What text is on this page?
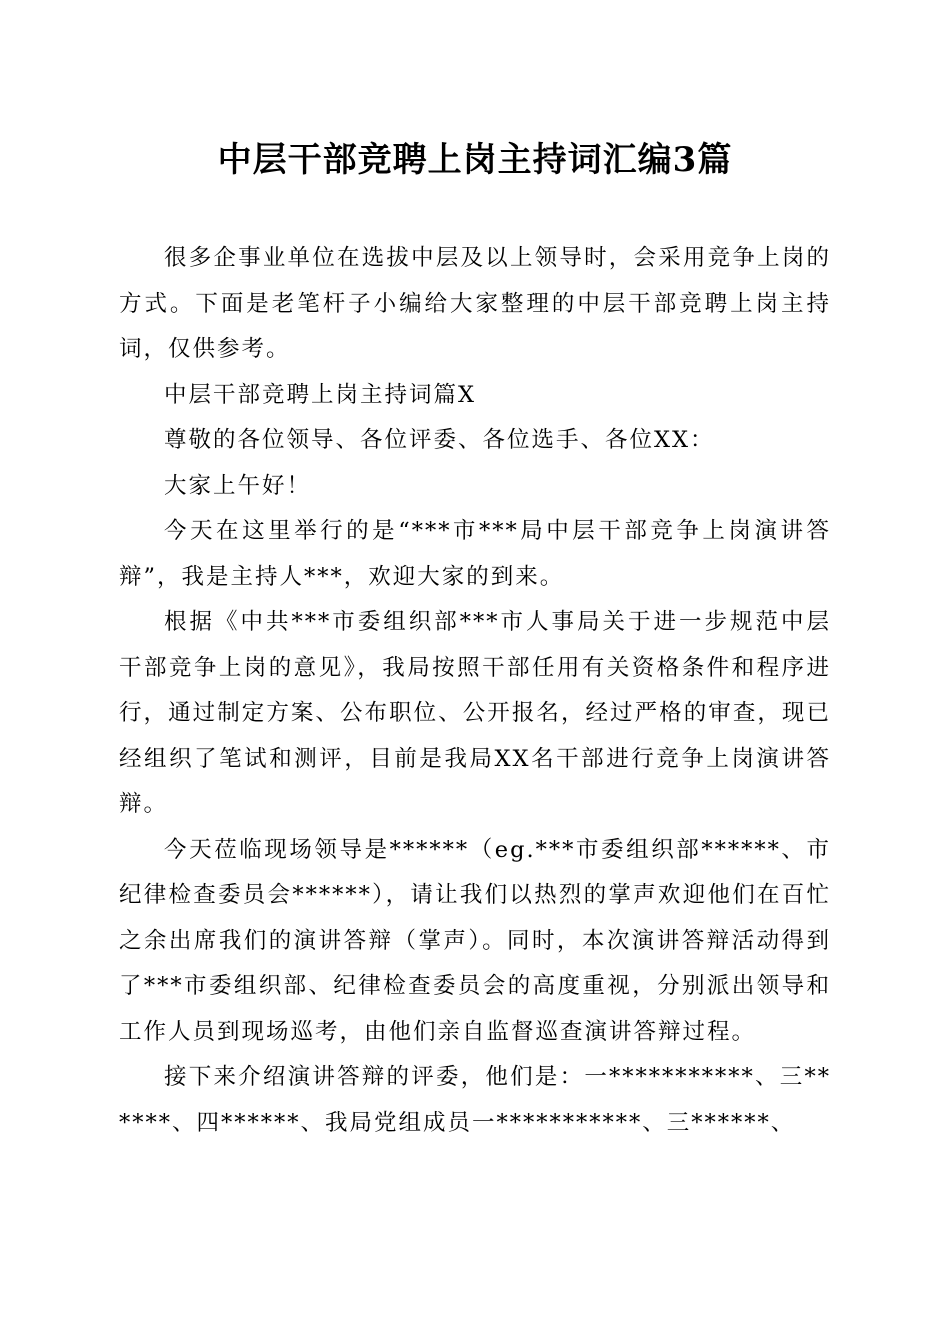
中层干部竞聘上岗主持词汇编3篇

很多企事业单位在选拔中层及以上领导时，会采用竞争上岗的方式。下面是老笔杆子小编给大家整理的中层干部竞聘上岗主持词，仅供参考。

中层干部竞聘上岗主持词篇X

尊敬的各位领导、各位评委、各位选手、各位XX：

大家上午好！

今天在这里举行的是“***市***局中层干部竞争上岗演讲答辩”，我是主持人***，欢迎大家的到来。

根据《中共***市委组织部***市人事局关于进一步规范中层干部竞争上岗的意见》，我局按照干部任用有关资格条件和程序进行，通过制定方案、公布职位、公开报名，经过严格的审查，现已经组织了笔试和测评，目前是我局XX名干部进行竞争上岗演讲答辩。

今天莅临现场领导是******（eg.***市委组织部******、市纪律检查委员会******），请让我们以热烈的掌声欢迎他们在百忙之余出席我们的演讲答辩（掌声）。同时，本次演讲答辩活动得到了***市委组织部、纪律检查委员会的高度重视，分别派出领导和工作人员到现场巡考，由他们亲自监督巡查演讲答辩过程。

接下来介绍演讲答辩的评委，他们是：一***********、三******、四******、我局党组成员一***********、三******、
